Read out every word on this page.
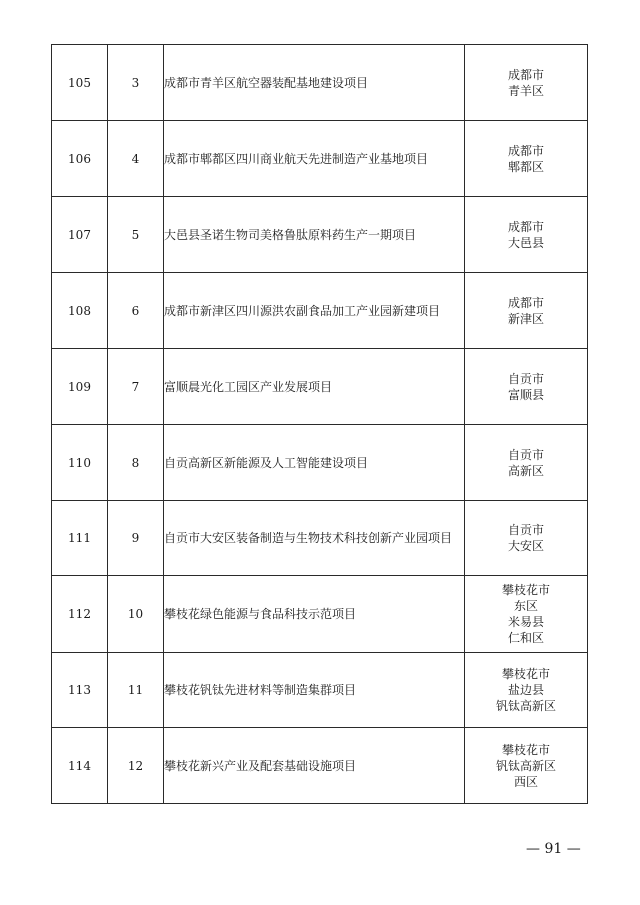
105	3	成都市青羊区航空器装配基地建设项目	成都市
青羊区

106	4	成都市郫都区四川商业航天先进制造产业基地项目	成都市
郫都区

107	5	大邑县圣诺生物司美格鲁肽原料药生产一期项目	成都市
大邑县

108	6	成都市新津区四川源洪农副食品加工产业园新建项目	成都市
新津区

109	7	富顺晨光化工园区产业发展项目	自贡市
富顺县

110	8	自贡高新区新能源及人工智能建设项目	自贡市
高新区

111	9	自贡市大安区装备制造与生物技术科技创新产业园项目	自贡市
大安区

112	10	攀枝花绿色能源与食品科技示范项目	攀枝花市
东区
米易县
仁和区

113	11	攀枝花钒钛先进材料等制造集群项目	攀枝花市
盐边县
钒钛高新区

114	12	攀枝花新兴产业及配套基础设施项目	攀枝花市
钒钛高新区
西区
— 91 —
